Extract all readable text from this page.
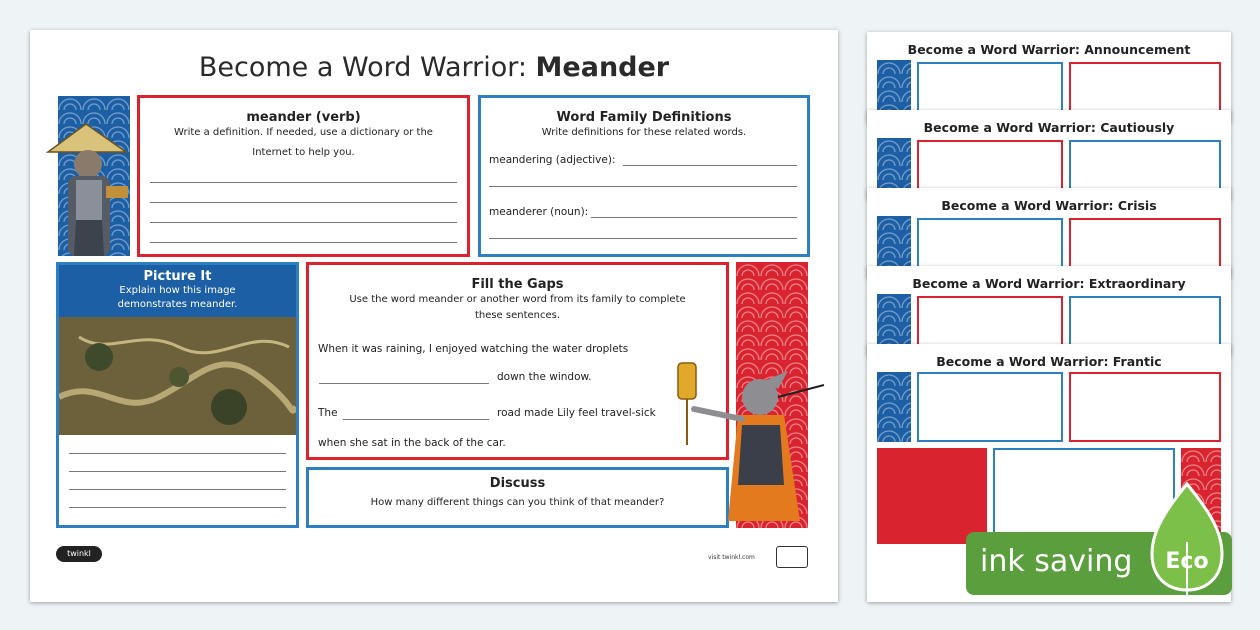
Become a Word Warrior: Meander
meander (verb)
Write a definition. If needed, use a dictionary or the
Internet to help you.
Word Family Definitions
Write definitions for these related words.
meandering (adjective):
meanderer (noun):
Picture It
Explain how this image
demonstrates meander.
Fill the Gaps
Use the word meander or another word from its family to complete
these sentences.
When it was raining, I enjoyed watching the water droplets
down the window.
The	road made Lily feel travel-sick
when she sat in the back of the car.
Discuss
How many different things can you think of that meander?
twinkl	visit twinkl.com
Become a Word Warrior: Announcement
Become a Word Warrior: Cautiously
Become a Word Warrior: Crisis
Become a Word Warrior: Extraordinary
Become a Word Warrior: Frantic
ink saving Eco
